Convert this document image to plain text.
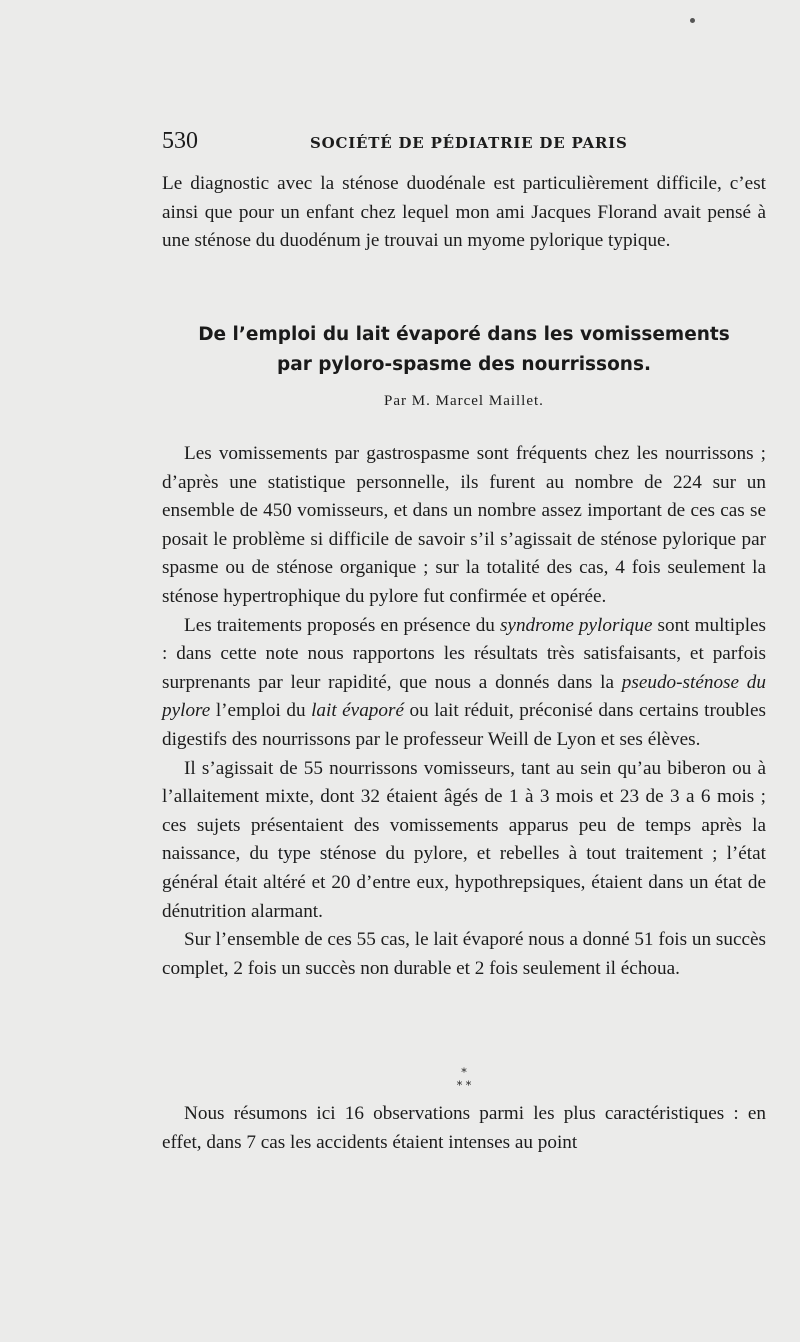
530	SOCIÉTÉ DE PÉDIATRIE DE PARIS

Le diagnostic avec la sténose duodénale est particulièrement difficile, c’est ainsi que pour un enfant chez lequel mon ami Jacques Florand avait pensé à une sténose du duodénum je trouvai un myome pylorique typique.

De l’emploi du lait évaporé dans les vomissements
par pyloro-spasme des nourrissons.
Par M. Marcel Maillet.

Les vomissements par gastrospasme sont fréquents chez les nourrissons ; d’après une statistique personnelle, ils furent au nombre de 224 sur un ensemble de 450 vomisseurs, et dans un nombre assez important de ces cas se posait le problème si difficile de savoir s’il s’agissait de sténose pylorique par spasme ou de sténose organique ; sur la totalité des cas, 4 fois seulement la sténose hypertrophique du pylore fut confirmée et opérée.

Les traitements proposés en présence du syndrome pylorique sont multiples : dans cette note nous rapportons les résultats très satisfaisants, et parfois surprenants par leur rapidité, que nous a donnés dans la pseudo-sténose du pylore l’emploi du lait évaporé ou lait réduit, préconisé dans certains troubles digestifs des nourrissons par le professeur Weill de Lyon et ses élèves.

Il s’agissait de 55 nourrissons vomisseurs, tant au sein qu’au biberon ou à l’allaitement mixte, dont 32 étaient âgés de 1 à 3 mois et 23 de 3 a 6 mois ; ces sujets présentaient des vomissements apparus peu de temps après la naissance, du type sténose du pylore, et rebelles à tout traitement ; l’état général était altéré et 20 d’entre eux, hypothrepsiques, étaient dans un état de dénutrition alarmant.

Sur l’ensemble de ces 55 cas, le lait évaporé nous a donné 51 fois un succès complet, 2 fois un succès non durable et 2 fois seulement il échoua.

*
* *

Nous résumons ici 16 observations parmi les plus caractéristiques : en effet, dans 7 cas les accidents étaient intenses au point
